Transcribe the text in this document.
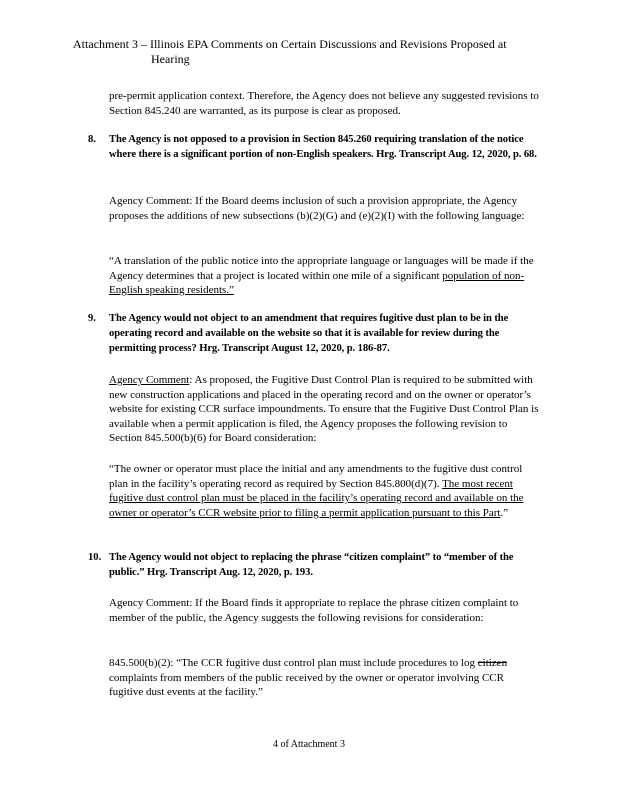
Attachment 3 – Illinois EPA Comments on Certain Discussions and Revisions Proposed at
Hearing
pre-permit application context. Therefore, the Agency does not believe any suggested revisions to Section 845.240 are warranted, as its purpose is clear as proposed.
8.	The Agency is not opposed to a provision in Section 845.260 requiring translation of the notice where there is a significant portion of non-English speakers. Hrg. Transcript Aug. 12, 2020, p. 68.
Agency Comment: If the Board deems inclusion of such a provision appropriate, the Agency proposes the additions of new subsections (b)(2)(G) and (e)(2)(I) with the following language:
“A translation of the public notice into the appropriate language or languages will be made if the Agency determines that a project is located within one mile of a significant population of non-English speaking residents.”
9.	The Agency would not object to an amendment that requires fugitive dust plan to be in the operating record and available on the website so that it is available for review during the permitting process? Hrg. Transcript August 12, 2020, p. 186-87.
Agency Comment: As proposed, the Fugitive Dust Control Plan is required to be submitted with new construction applications and placed in the operating record and on the owner or operator’s website for existing CCR surface impoundments. To ensure that the Fugitive Dust Control Plan is available when a permit application is filed, the Agency proposes the following revision to Section 845.500(b)(6) for Board consideration:
“The owner or operator must place the initial and any amendments to the fugitive dust control plan in the facility’s operating record as required by Section 845.800(d)(7). The most recent fugitive dust control plan must be placed in the facility’s operating record and available on the owner or operator’s CCR website prior to filing a permit application pursuant to this Part.”
10. The Agency would not object to replacing the phrase “citizen complaint” to “member of the public.” Hrg. Transcript Aug. 12, 2020, p. 193.
Agency Comment: If the Board finds it appropriate to replace the phrase citizen complaint to member of the public, the Agency suggests the following revisions for consideration:
845.500(b)(2): “The CCR fugitive dust control plan must include procedures to log citizen complaints from members of the public received by the owner or operator involving CCR fugitive dust events at the facility.”
4 of Attachment 3
